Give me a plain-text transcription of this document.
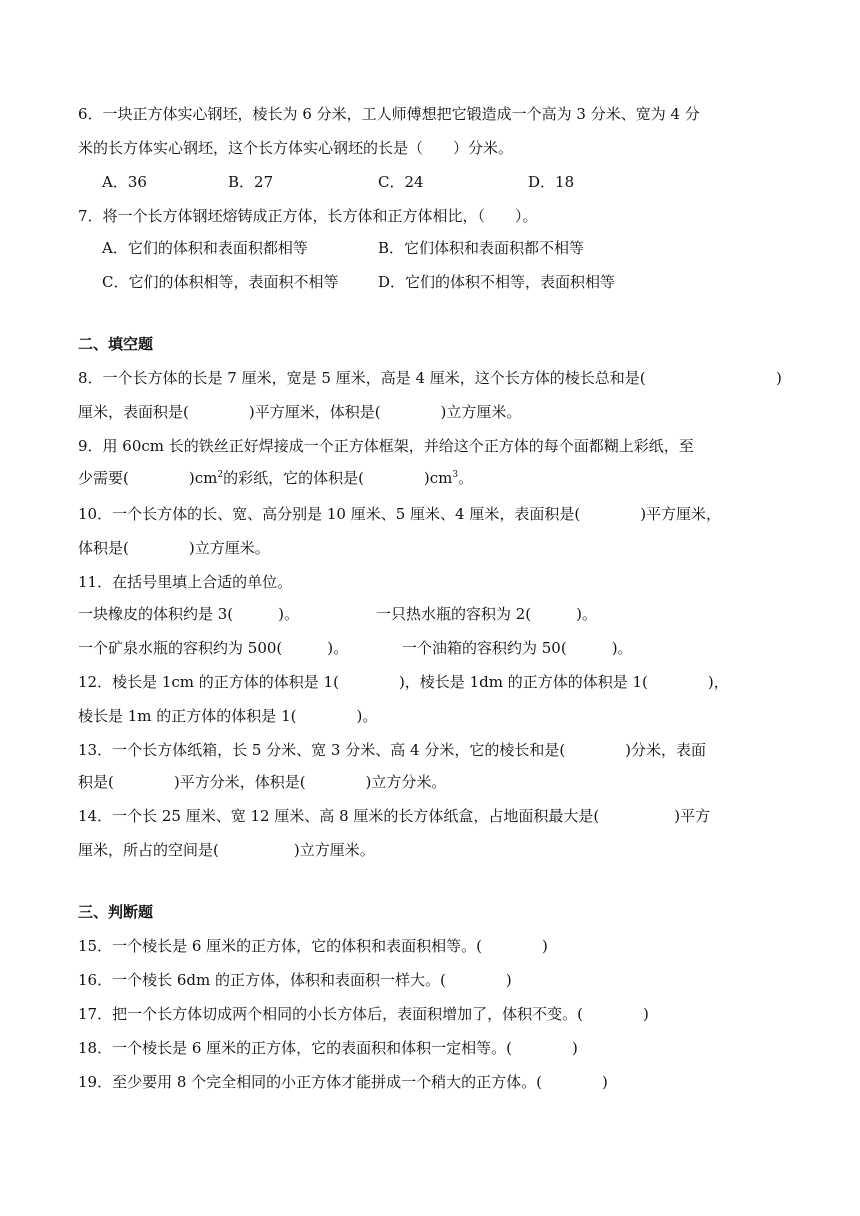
6．一块正方体实心钢坯，棱长为 6 分米，工人师傅想把它锻造成一个高为 3 分米、宽为 4 分
米的长方体实心钢坯，这个长方体实心钢坯的长是（　　）分米。
A．36	B．27	C．24	D．18
7．将一个长方体钢坯熔铸成正方体，长方体和正方体相比，（　　）。
A．它们的体积和表面积都相等	B．它们体积和表面积都不相等
C．它们的体积相等，表面积不相等	D．它们的体积不相等，表面积相等
二、填空题
8．一个长方体的长是 7 厘米，宽是 5 厘米，高是 4 厘米，这个长方体的棱长总和是(	)
厘米，表面积是(　　　　)平方厘米，体积是(　　　　)立方厘米。
9．用 60cm 长的铁丝正好焊接成一个正方体框架，并给这个正方体的每个面都糊上彩纸，至
少需要(　　　　)$cm^2$的彩纸，它的体积是(　　　　)$cm^3$。
10．一个长方体的长、宽、高分别是 10 厘米、5 厘米、4 厘米，表面积是(　　　　)平方厘米，
体积是(　　　　)立方厘米。
11．在括号里填上合适的单位。
一块橡皮的体积约是 3(　　　)。	一只热水瓶的容积为 2(　　　)。
一个矿泉水瓶的容积约为 500(　　　)。	一个油箱的容积约为 50(　　　)。
12．棱长是 1cm 的正方体的体积是 1(　　　　)，棱长是 1dm 的正方体的体积是 1(　　　　)，
棱长是 1m 的正方体的体积是 1(　　　　)。
13．一个长方体纸箱，长 5 分米、宽 3 分米、高 4 分米，它的棱长和是(　　　　)分米，表面
积是(　　　　)平方分米，体积是(　　　　)立方分米。
14．一个长 25 厘米、宽 12 厘米、高 8 厘米的长方体纸盒，占地面积最大是(　　　　　)平方
厘米，所占的空间是(　　　　　)立方厘米。
三、判断题
15．一个棱长是 6 厘米的正方体，它的体积和表面积相等。(　　　　)
16．一个棱长 6dm 的正方体，体积和表面积一样大。(　　　　)
17．把一个长方体切成两个相同的小长方体后，表面积增加了，体积不变。(　　　　)
18．一个棱长是 6 厘米的正方体，它的表面积和体积一定相等。(　　　　)
19．至少要用 8 个完全相同的小正方体才能拼成一个稍大的正方体。(　　　　)
